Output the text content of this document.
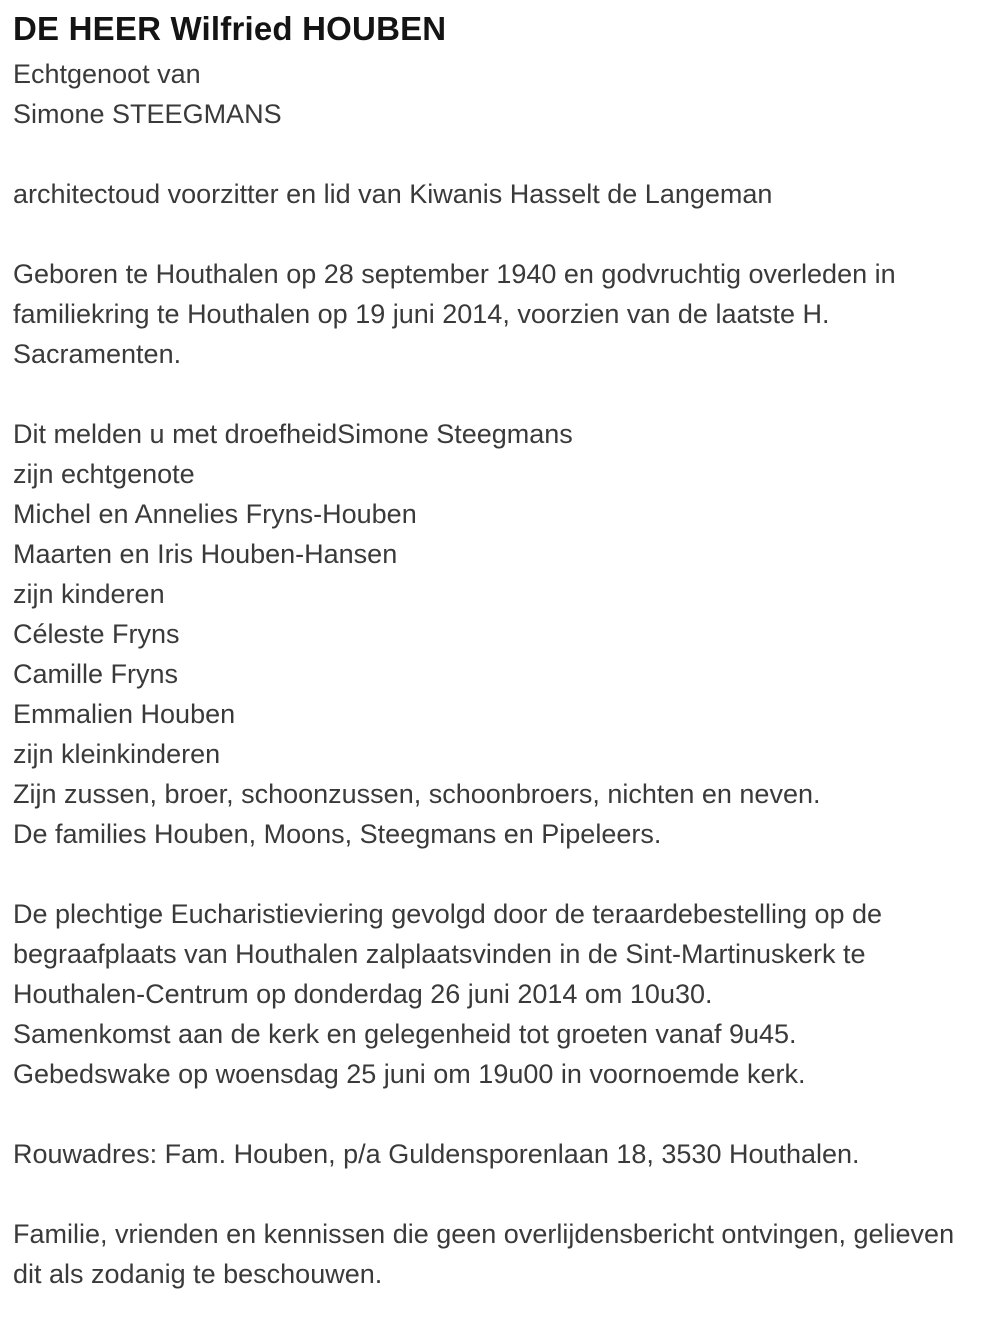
DE HEER Wilfried HOUBEN

Echtgenoot van
Simone STEEGMANS

architectoud voorzitter en lid van Kiwanis Hasselt de Langeman

Geboren te Houthalen op 28 september 1940 en godvruchtig overleden in familiekring te Houthalen op 19 juni 2014, voorzien van de laatste H. Sacramenten.

Dit melden u met droefheidSimone Steegmans
zijn echtgenote
Michel en Annelies Fryns-Houben
Maarten en Iris Houben-Hansen
zijn kinderen
Céleste Fryns
Camille Fryns
Emmalien Houben
zijn kleinkinderen
Zijn zussen, broer, schoonzussen, schoonbroers, nichten en neven.
De families Houben, Moons, Steegmans en Pipeleers.

De plechtige Eucharistieviering gevolgd door de teraardebestelling op de begraafplaats van Houthalen zalplaatsvinden in de Sint-Martinuskerk te Houthalen-Centrum op donderdag 26 juni 2014 om 10u30.
Samenkomst aan de kerk en gelegenheid tot groeten vanaf 9u45.
Gebedswake op woensdag 25 juni om 19u00 in voornoemde kerk.

Rouwadres: Fam. Houben, p/a Guldensporenlaan 18, 3530 Houthalen.

Familie, vrienden en kennissen die geen overlijdensbericht ontvingen, gelieven dit als zodanig te beschouwen.
